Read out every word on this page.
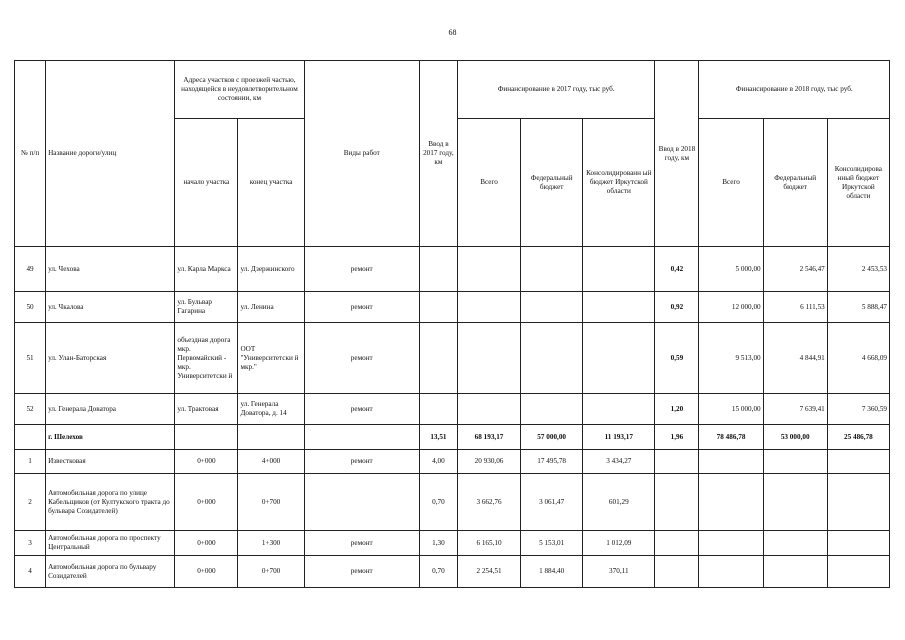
68
№ п/п	Название дороги/улиц	Адреса участков с проезжей частью, находящейся в неудовлетворительном состоянии, км		Виды работ	Ввод в 2017 году, км	Финансирование в 2017 году, тыс руб.			Ввод в 2018 году, км	Финансирование в 2018 году, тыс руб.		
		начало участка	конец участка			Всего	Федеральный бюджет	Консолидированн ый бюджет Иркутской области		Всего	Федеральный бюджет	Консолидирова нный бюджет Иркутской области
49	ул. Чехова	ул. Карла Маркса	ул. Дзержинского	ремонт					0,42	5 000,00	2 546,47	2 453,53
50	ул. Чкалова	ул. Бульвар Гагарина	ул. Ленина	ремонт					0,92	12 000,00	6 111,53	5 888,47
51	ул. Улан-Баторская	объездная дорога мкр. Первомайский - мкр. Университетски й	ООТ "Университетски й мкр."	ремонт					0,59	9 513,00	4 844,91	4 668,09
52	ул. Генерала Доватора	ул. Трактовая	ул. Генерала Доватора, д. 14	ремонт					1,20	15 000,00	7 639,41	7 360,59
	г. Шелехов				13,51	68 193,17	57 000,00	11 193,17	1,96	78 486,78	53 000,00	25 486,78
1	Известковая	0+000	4+000	ремонт	4,00	20 930,06	17 495,78	3 434,27				
2	Автомобильная дорога по улице Кабельщиков (от Култукского тракта до бульвара Созидателей)	0+000	0+700		0,70	3 662,76	3 061,47	601,29				
3	Автомобильная дорога по проспекту Центральный	0+000	1+300	ремонт	1,30	6 165,10	5 153,01	1 012,09				
4	Автомобильная дорога по бульвару Созидателей	0+000	0+700	ремонт	0,70	2 254,51	1 884,40	370,11				
